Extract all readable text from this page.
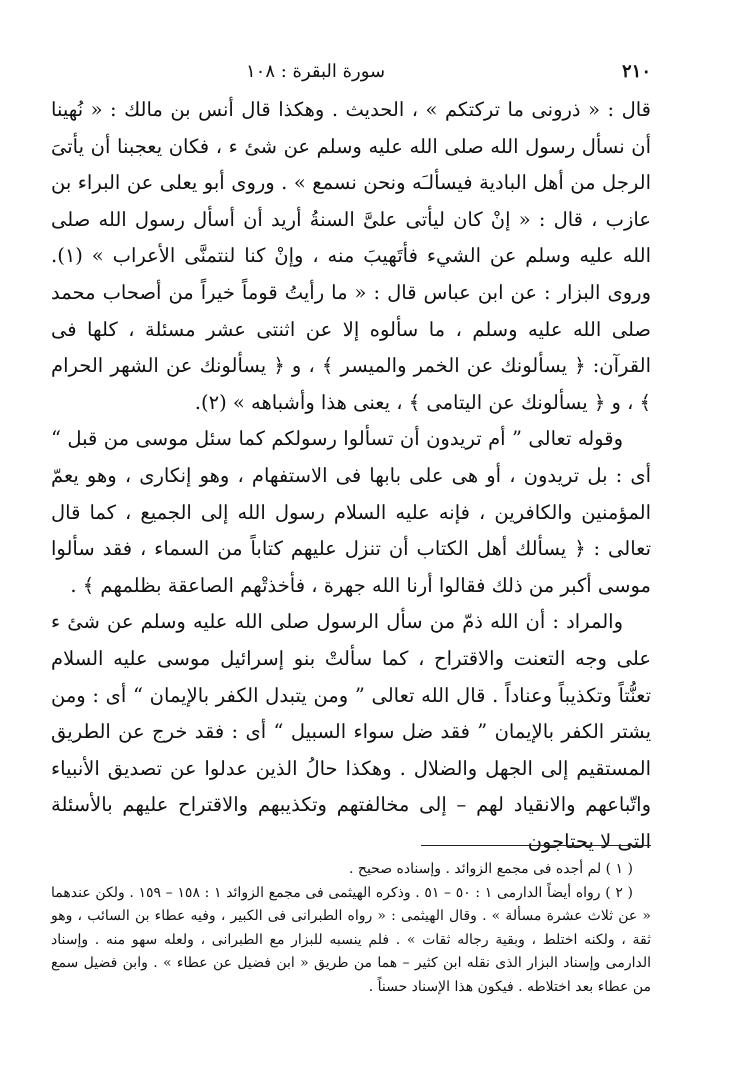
٢١٠
سورة البقرة : ١٠٨

قال : « ذرونى ما تركتكم » ، الحديث . وهكذا قال أنس بن مالك : « نُهينا أن نسأل رسول الله صلى الله عليه وسلم عن شئ ء ، فكان يعجبنا أن يأتىَ الرجل من أهل البادية فيسألـَه ونحن نسمع » . وروى أبو يعلى عن البراء بن عازب ، قال : « إنْ كان ليأتى علىَّ السنةُ أريد أن أسأل رسول الله صلى الله عليه وسلم عن الشيء فأتَهيبَ منه ، وإنْ كنا لنتمنَّى الأعراب » (١). وروى البزار : عن ابن عباس قال : « ما رأيتُ قوماً خيراً من أصحاب محمد صلى الله عليه وسلم ، ما سألوه إلا عن اثنتى عشر مسئلة ، كلها فى القرآن: ﴿ يسألونك عن الخمر والميسر ﴾ ، و ﴿ يسألونك عن الشهر الحرام ﴾ ، و ﴿ يسألونك عن اليتامى ﴾ ، يعنى هذا وأشباهه » (٢).

وقوله تعالى ” أم تريدون أن تسألوا رسولكم كما سئل موسى من قبل “ أى : بل تريدون ، أو هى على بابها فى الاستفهام ، وهو إنكارى ، وهو يعمّ المؤمنين والكافرين ، فإنه عليه السلام رسول الله إلى الجميع ، كما قال تعالى : ﴿ يسألك أهل الكتاب أن تنزل عليهم كتاباً من السماء ، فقد سألوا موسى أكبر من ذلك فقالوا أرنا الله جهرة ، فأخذتْهم الصاعقة بظلمهم ﴾ .

والمراد : أن الله ذمّ من سأل الرسول صلى الله عليه وسلم عن شئ ء على وجه التعنت والاقتراح ، كما سألتْ بنو إسرائيل موسى عليه السلام تعنُّتاً وتكذيباً وعناداً . قال الله تعالى ” ومن يتبدل الكفر بالإيمان “ أى : ومن يشتر الكفر بالإيمان ” فقد ضل سواء السبيل “ أى : فقد خرج عن الطريق المستقيم إلى الجهل والضلال . وهكذا حالُ الذين عدلوا عن تصديق الأنبياء واتّباعهم والانقياد لهم – إلى مخالفتهم وتكذيبهم والاقتراح عليهم بالأسئلة التى لا يحتاجون

( ١ ) لم أجده فى مجمع الزوائد . وإسناده صحيح .

( ٢ ) رواه أيضاً الدارمى ١ : ٥٠ – ٥١ . وذكره الهيثمى فى مجمع الزوائد ١ : ١٥٨ – ١٥٩ . ولكن عندهما « عن ثلاث عشرة مسألة » . وقال الهيثمى : « رواه الطبرانى فى الكبير ، وفيه عطاء بن السائب ، وهو ثقة ، ولكنه اختلط ، وبقية رجاله ثقات » . فلم ينسبه للبزار مع الطبرانى ، ولعله سهو منه . وإسناد الدارمى وإسناد البزار الذى نقله ابن كثير – هما من طريق « ابن فضيل عن عطاء » . وابن فضيل سمع من عطاء بعد اختلاطه . فيكون هذا الإسناد حسناً .
